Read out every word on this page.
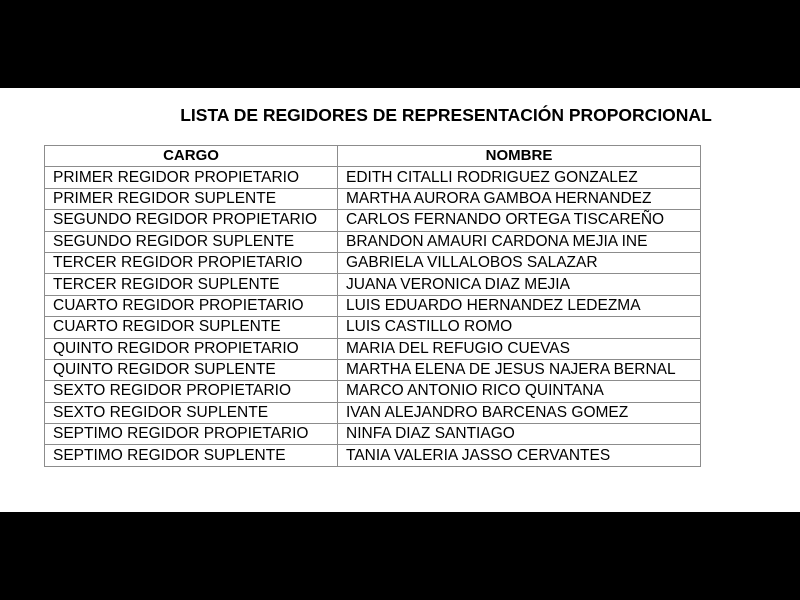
LISTA DE REGIDORES DE REPRESENTACIÓN PROPORCIONAL
CARGO	NOMBRE
PRIMER REGIDOR PROPIETARIO	EDITH CITALLI RODRIGUEZ GONZALEZ
PRIMER REGIDOR SUPLENTE	MARTHA AURORA GAMBOA HERNANDEZ
SEGUNDO REGIDOR PROPIETARIO	CARLOS FERNANDO ORTEGA TISCAREÑO
SEGUNDO REGIDOR SUPLENTE	BRANDON AMAURI CARDONA MEJIA INE
TERCER REGIDOR PROPIETARIO	GABRIELA VILLALOBOS SALAZAR
TERCER REGIDOR SUPLENTE	JUANA VERONICA DIAZ MEJIA
CUARTO REGIDOR PROPIETARIO	LUIS EDUARDO HERNANDEZ LEDEZMA
CUARTO REGIDOR SUPLENTE	LUIS CASTILLO ROMO
QUINTO REGIDOR PROPIETARIO	MARIA DEL REFUGIO CUEVAS
QUINTO REGIDOR SUPLENTE	MARTHA ELENA DE JESUS NAJERA BERNAL
SEXTO REGIDOR PROPIETARIO	MARCO ANTONIO RICO QUINTANA
SEXTO REGIDOR SUPLENTE	IVAN ALEJANDRO BARCENAS GOMEZ
SEPTIMO REGIDOR PROPIETARIO	NINFA DIAZ SANTIAGO
SEPTIMO REGIDOR SUPLENTE	TANIA VALERIA JASSO CERVANTES
